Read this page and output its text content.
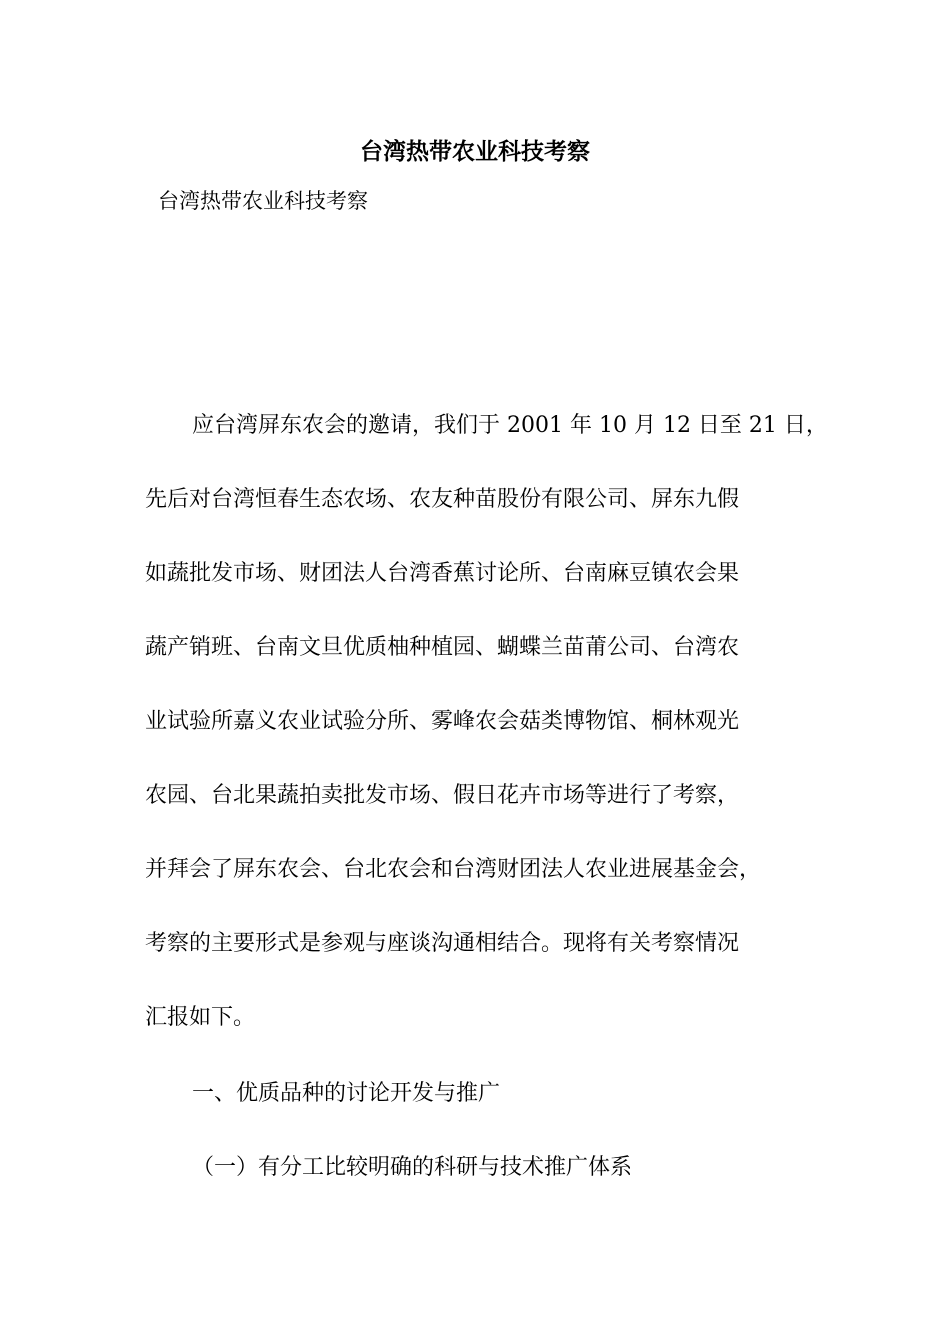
台湾热带农业科技考察

台湾热带农业科技考察

应台湾屏东农会的邀请，我们于 2001 年 10 月 12 日至 21 日，

先后对台湾恒春生态农场、农友种苗股份有限公司、屏东九假

如蔬批发市场、财团法人台湾香蕉讨论所、台南麻豆镇农会果

蔬产销班、台南文旦优质柚种植园、蝴蝶兰苗莆公司、台湾农

业试验所嘉义农业试验分所、雾峰农会菇类博物馆、桐林观光

农园、台北果蔬拍卖批发市场、假日花卉市场等进行了考察，

并拜会了屏东农会、台北农会和台湾财团法人农业进展基金会，

考察的主要形式是参观与座谈沟通相结合。现将有关考察情况

汇报如下。

一、优质品种的讨论开发与推广

（一）有分工比较明确的科研与技术推广体系
